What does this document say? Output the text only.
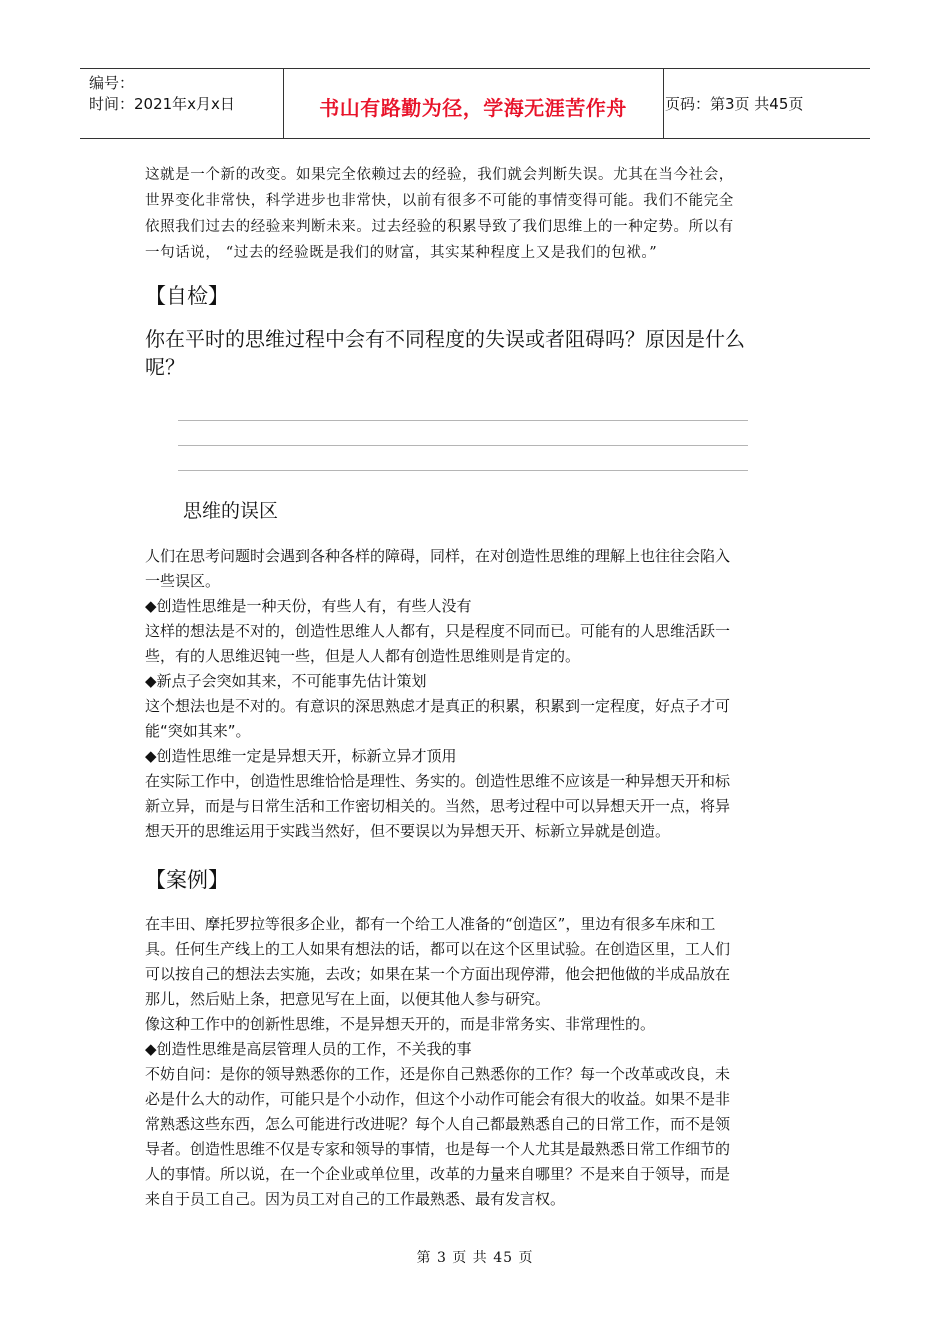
编号：
时间：2021年x月x日	书山有路勤为径，学海无涯苦作舟	页码：第3页 共45页

这就是一个新的改变。如果完全依赖过去的经验，我们就会判断失误。尤其在当今社会，

世界变化非常快，科学进步也非常快，以前有很多不可能的事情变得可能。我们不能完全

依照我们过去的经验来判断未来。过去经验的积累导致了我们思维上的一种定势。所以有

一句话说， “过去的经验既是我们的财富，其实某种程度上又是我们的包袱。”

【自检】
你在平时的思维过程中会有不同程度的失误或者阻碍吗？原因是什么
呢？
思维的误区

人们在思考问题时会遇到各种各样的障碍，同样，在对创造性思维的理解上也往往会陷入

一些误区。

◆创造性思维是一种天份，有些人有，有些人没有

这样的想法是不对的，创造性思维人人都有，只是程度不同而已。可能有的人思维活跃一

些，有的人思维迟钝一些，但是人人都有创造性思维则是肯定的。

◆新点子会突如其来，不可能事先估计策划

这个想法也是不对的。有意识的深思熟虑才是真正的积累，积累到一定程度，好点子才可

能“突如其来”。

◆创造性思维一定是异想天开，标新立异才顶用

在实际工作中，创造性思维恰恰是理性、务实的。创造性思维不应该是一种异想天开和标

新立异，而是与日常生活和工作密切相关的。当然，思考过程中可以异想天开一点，将异

想天开的思维运用于实践当然好，但不要误以为异想天开、标新立异就是创造。

【案例】

在丰田、摩托罗拉等很多企业，都有一个给工人准备的“创造区”，里边有很多车床和工

具。任何生产线上的工人如果有想法的话，都可以在这个区里试验。在创造区里，工人们

可以按自己的想法去实施，去改；如果在某一个方面出现停滞，他会把他做的半成品放在

那儿，然后贴上条，把意见写在上面，以便其他人参与研究。

像这种工作中的创新性思维，不是异想天开的，而是非常务实、非常理性的。

◆创造性思维是高层管理人员的工作，不关我的事

不妨自问：是你的领导熟悉你的工作，还是你自己熟悉你的工作？每一个改革或改良，未

必是什么大的动作，可能只是个小动作，但这个小动作可能会有很大的收益。如果不是非

常熟悉这些东西，怎么可能进行改进呢？每个人自己都最熟悉自己的日常工作，而不是领

导者。创造性思维不仅是专家和领导的事情，也是每一个人尤其是最熟悉日常工作细节的

人的事情。所以说，在一个企业或单位里，改革的力量来自哪里？不是来自于领导，而是

来自于员工自己。因为员工对自己的工作最熟悉、最有发言权。

第 3 页 共 45 页
